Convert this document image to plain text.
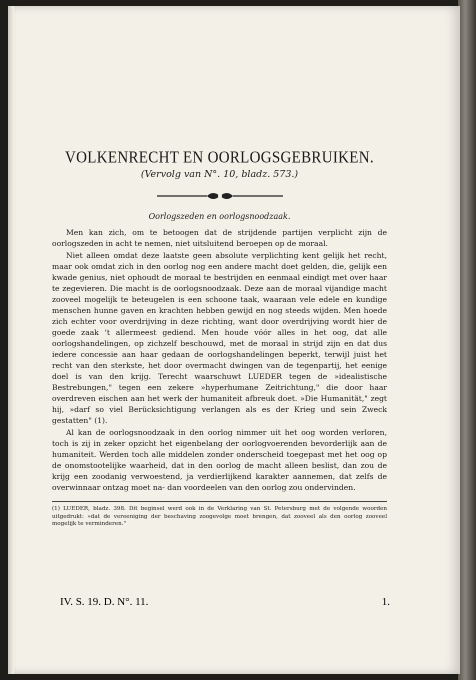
VOLKENRECHT EN OORLOGSGEBRUIKEN.
(Vervolg van N°. 10, bladz. 573.)
Oorlogszeden en oorlogsnoodzaak.

Men kan zich, om te betoogen dat de strijdende partijen verplicht zijn de oorlogszeden in acht te nemen, niet uitsluitend beroepen op de moraal.

Niet alleen omdat deze laatste geen absolute verplichting kent gelijk het recht, maar ook omdat zich in den oorlog nog een andere macht doet gelden, die, gelijk een kwade genius, niet ophoudt de moraal te bestrijden en eenmaal eindigt met over haar te zegevieren. Die macht is de oorlogsnoodzaak. Deze aan de moraal vijandige macht zooveel mogelijk te beteugelen is een schoone taak, waaraan vele edele en kundige menschen hunne gaven en krachten hebben gewijd en nog steeds wijden. Men hoede zich echter voor overdrijving in deze richting, want door overdrijving wordt hier de goede zaak 't allermeest gediend. Men houde vóór alles in het oog, dat alle oorlogshandelingen, op zichzelf beschouwd, met de moraal in strijd zijn en dat dus iedere concessie aan haar gedaan de oorlogshandelingen beperkt, terwijl juist het recht van den sterkste, het door overmacht dwingen van de tegenpartij, het eenige doel is van den krijg. Terecht waarschuwt LUEDER tegen de »idealistische Bestrebungen," tegen een zekere »hyperhumane Zeitrichtung," die door haar overdreven eischen aan het werk der humaniteit afbreuk doet. »Die Humanität," zegt hij, »darf so viel Berücksichtigung verlangen als es der Krieg und sein Zweck gestatten" (1).

Al kan de oorlogsnoodzaak in den oorlog nimmer uit het oog worden verloren, toch is zij in zeker opzicht het eigenbelang der oorlogvoerenden bevorderlijk aan de humaniteit. Werden toch alle middelen zonder onderscheid toegepast met het oog op de onomstootelijke waarheid, dat in den oorlog de macht alleen beslist, dan zou de krijg een zoodanig verwoestend, ja verdierlijkend karakter aannemen, dat zelfs de overwinnaar ontzag moet na- dan voordeelen van den oorlog zou ondervinden.

(1) LUEDER, bladz. 398. Dit beginsel werd ook in de Verklaring van St. Petersburg met de volgende woorden uitgedrukt: »dat de vereeniging der beschaving zoogevolge moet brengen, dat zooveel als den oorlog zooveel mogelijk te verminderen."
IV. S. 19. D. N°. 11.	1.
